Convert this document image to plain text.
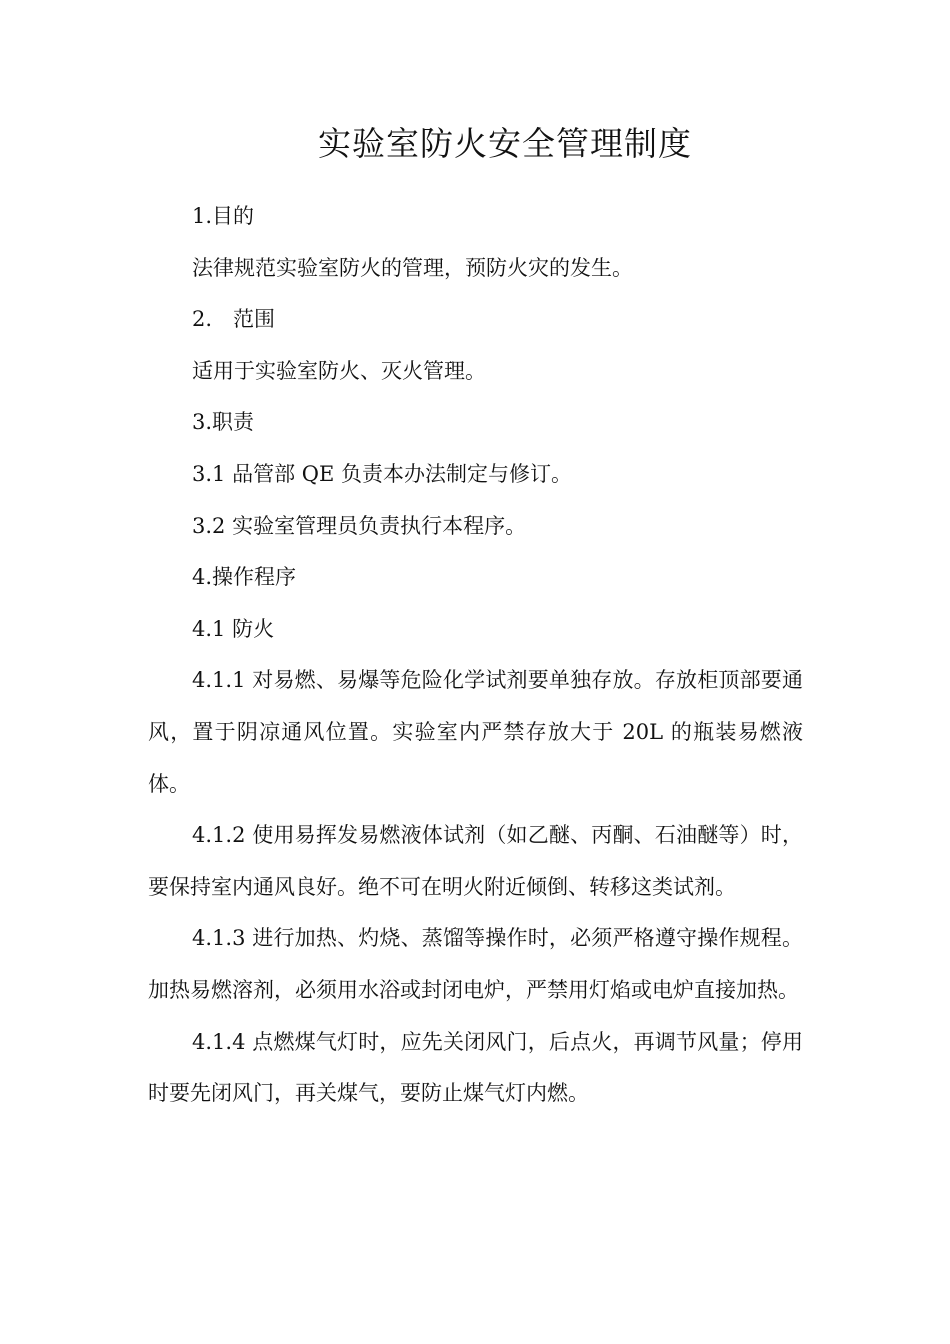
实验室防火安全管理制度

1.目的

法律规范实验室防火的管理，预防火灾的发生。

2.　范围

适用于实验室防火、灭火管理。

3.职责

3.1 品管部 QE 负责本办法制定与修订。

3.2 实验室管理员负责执行本程序。

4.操作程序

4.1 防火

4.1.1 对易燃、易爆等危险化学试剂要单独存放。存放柜顶部要通风，置于阴凉通风位置。实验室内严禁存放大于 20L 的瓶装易燃液体。

4.1.2 使用易挥发易燃液体试剂（如乙醚、丙酮、石油醚等）时，要保持室内通风良好。绝不可在明火附近倾倒、转移这类试剂。

4.1.3 进行加热、灼烧、蒸馏等操作时，必须严格遵守操作规程。加热易燃溶剂，必须用水浴或封闭电炉，严禁用灯焰或电炉直接加热。

4.1.4 点燃煤气灯时，应先关闭风门，后点火，再调节风量；停用时要先闭风门，再关煤气，要防止煤气灯内燃。
